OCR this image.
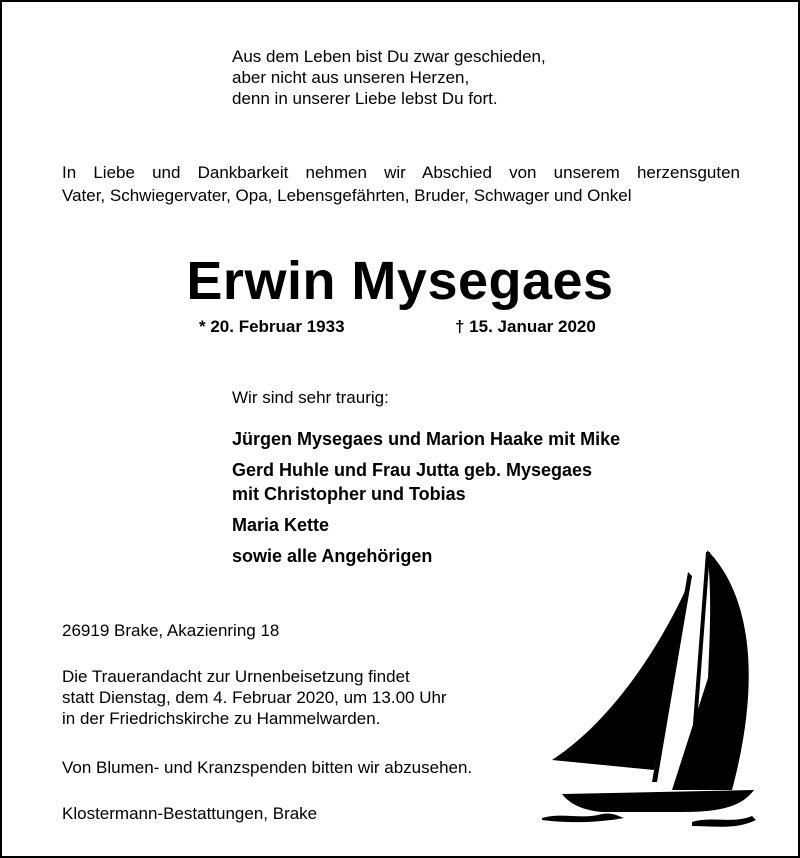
Aus dem Leben bist Du zwar geschieden,
aber nicht aus unseren Herzen,
denn in unserer Liebe lebst Du fort.
In Liebe und Dankbarkeit nehmen wir Abschied von unserem herzensguten
Vater, Schwiegervater, Opa, Lebensgefährten, Bruder, Schwager und Onkel
Erwin Mysegaes
* 20. Februar 1933	† 15. Januar 2020
Wir sind sehr traurig:
Jürgen Mysegaes und Marion Haake mit Mike
Gerd Huhle und Frau Jutta geb. Mysegaes
mit Christopher und Tobias
Maria Kette
sowie alle Angehörigen
26919 Brake, Akazienring 18
Die Trauerandacht zur Urnenbeisetzung findet
statt Dienstag, dem 4. Februar 2020, um 13.00 Uhr
in der Friedrichskirche zu Hammelwarden.
Von Blumen- und Kranzspenden bitten wir abzusehen.
Klostermann-Bestattungen, Brake
